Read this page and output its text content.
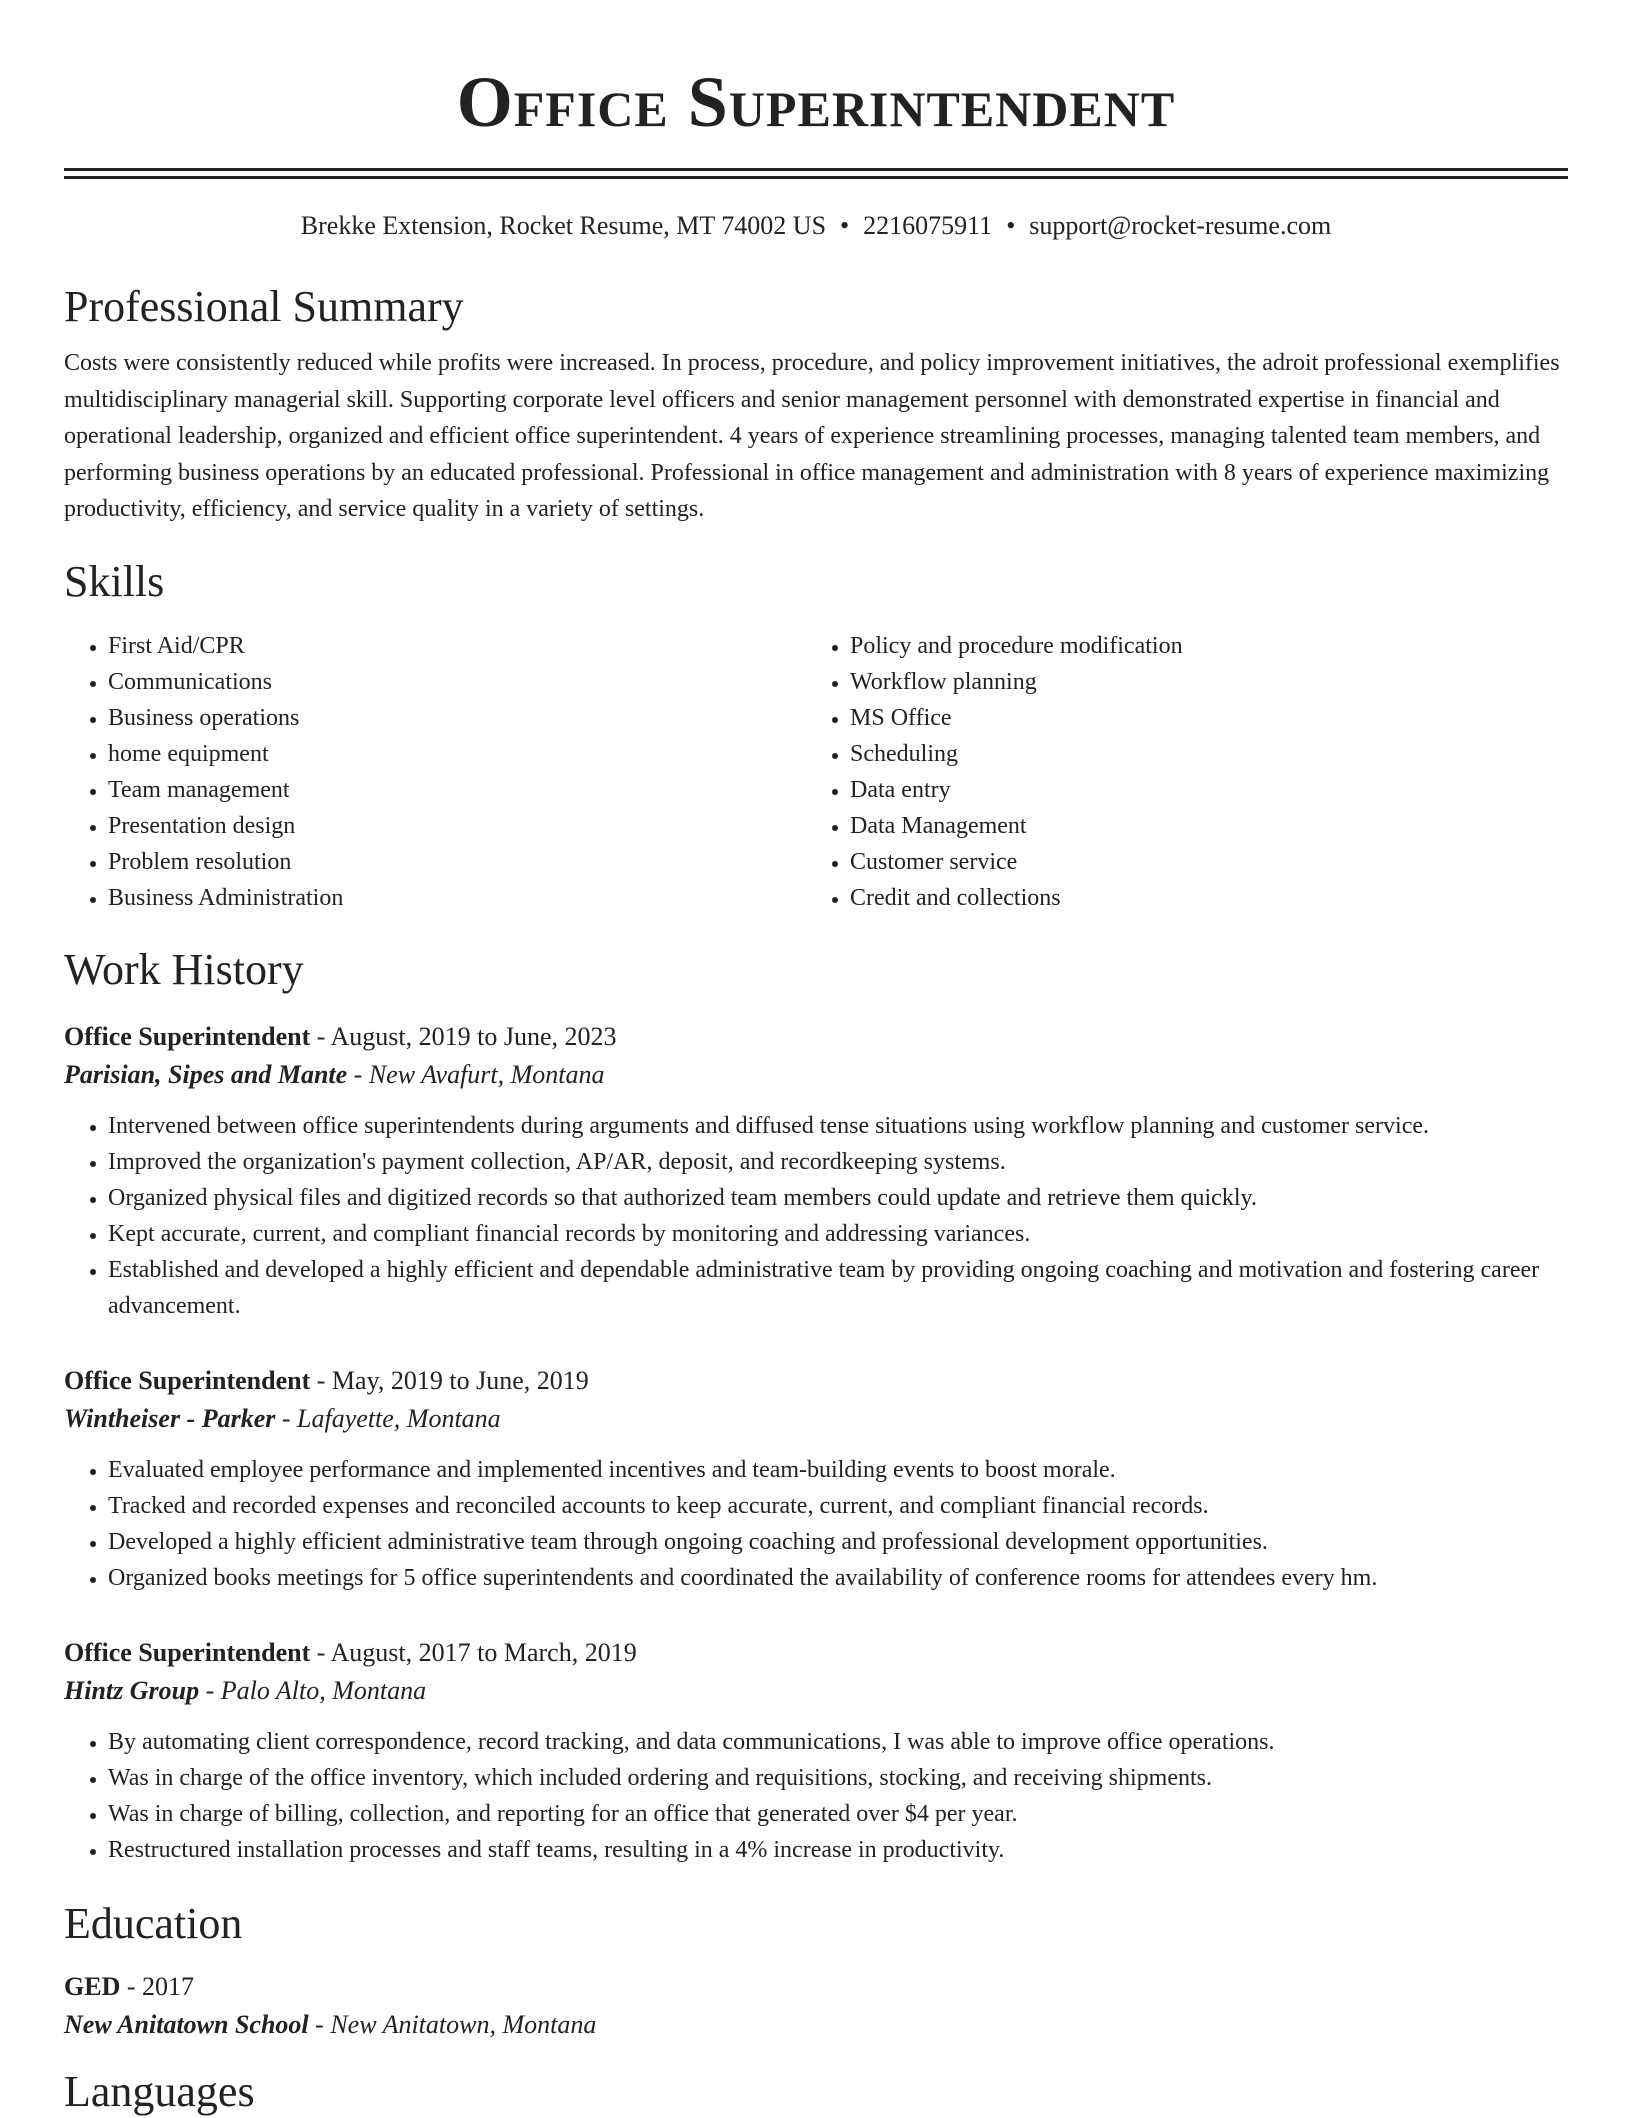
Office Superintendent
Brekke Extension, Rocket Resume, MT 74002 US • 2216075911 • support@rocket-resume.com
Professional Summary
Costs were consistently reduced while profits were increased. In process, procedure, and policy improvement initiatives, the adroit professional exemplifies multidisciplinary managerial skill. Supporting corporate level officers and senior management personnel with demonstrated expertise in financial and operational leadership, organized and efficient office superintendent. 4 years of experience streamlining processes, managing talented team members, and performing business operations by an educated professional. Professional in office management and administration with 8 years of experience maximizing productivity, efficiency, and service quality in a variety of settings.
Skills
• First Aid/CPR
• Communications
• Business operations
• home equipment
• Team management
• Presentation design
• Problem resolution
• Business Administration
• Policy and procedure modification
• Workflow planning
• MS Office
• Scheduling
• Data entry
• Data Management
• Customer service
• Credit and collections
Work History
Office Superintendent - August, 2019 to June, 2023
Parisian, Sipes and Mante - New Avafurt, Montana
• Intervened between office superintendents during arguments and diffused tense situations using workflow planning and customer service.
• Improved the organization's payment collection, AP/AR, deposit, and recordkeeping systems.
• Organized physical files and digitized records so that authorized team members could update and retrieve them quickly.
• Kept accurate, current, and compliant financial records by monitoring and addressing variances.
• Established and developed a highly efficient and dependable administrative team by providing ongoing coaching and motivation and fostering career advancement.
Office Superintendent - May, 2019 to June, 2019
Wintheiser - Parker - Lafayette, Montana
• Evaluated employee performance and implemented incentives and team-building events to boost morale.
• Tracked and recorded expenses and reconciled accounts to keep accurate, current, and compliant financial records.
• Developed a highly efficient administrative team through ongoing coaching and professional development opportunities.
• Organized books meetings for 5 office superintendents and coordinated the availability of conference rooms for attendees every hm.
Office Superintendent - August, 2017 to March, 2019
Hintz Group - Palo Alto, Montana
• By automating client correspondence, record tracking, and data communications, I was able to improve office operations.
• Was in charge of the office inventory, which included ordering and requisitions, stocking, and receiving shipments.
• Was in charge of billing, collection, and reporting for an office that generated over $4 per year.
• Restructured installation processes and staff teams, resulting in a 4% increase in productivity.
Education
GED - 2017
New Anitatown School - New Anitatown, Montana
Languages
